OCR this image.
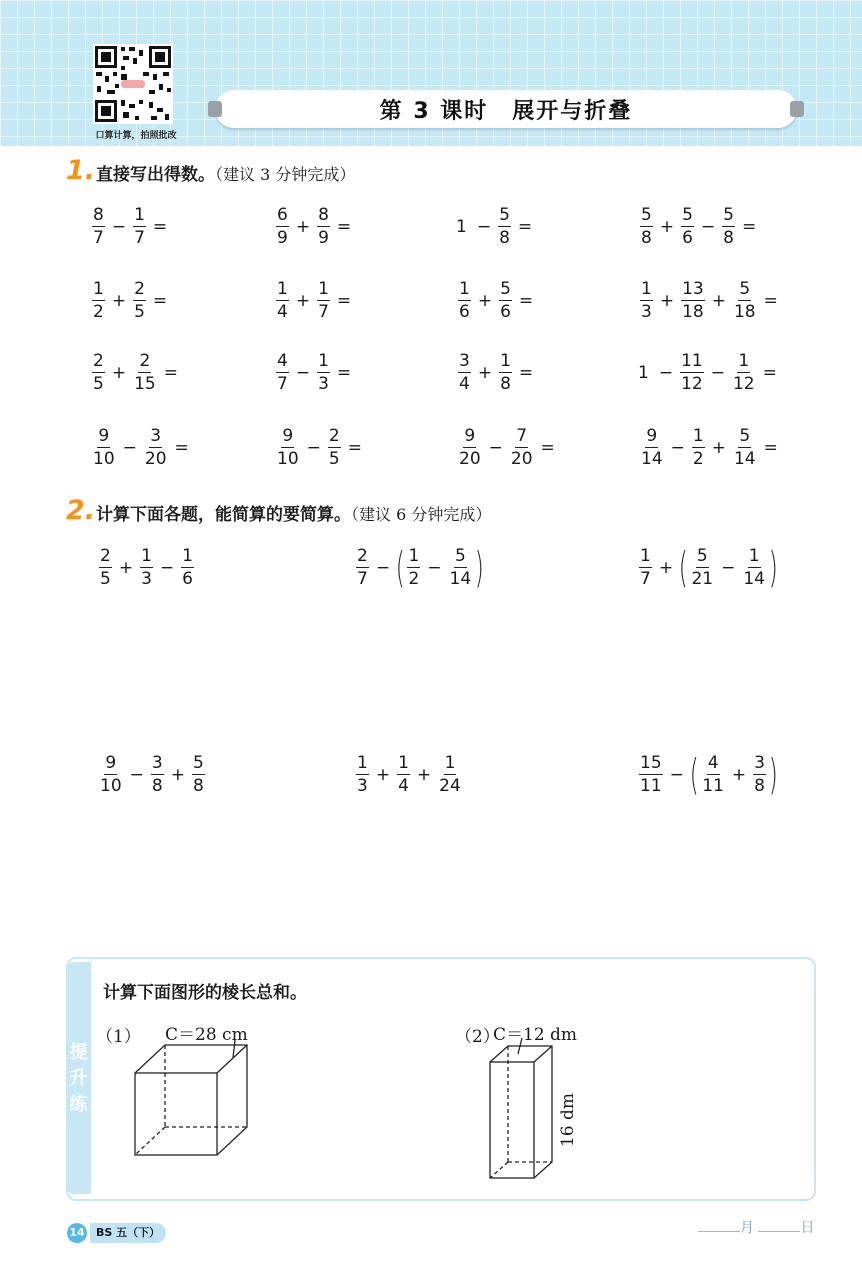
口算计算，拍照批改
第 3 课时　展开与折叠
1. 直接写出得数。（建议 3 分钟完成）
$\frac{8}{7} - \frac{1}{7}$ =	$\frac{6}{9} + \frac{8}{9}$ =	$1 - \frac{5}{8}$ =	$\frac{5}{8} + \frac{5}{6} - \frac{5}{8}$ =
$\frac{1}{2} + \frac{2}{5}$ =	$\frac{1}{4} + \frac{1}{7}$ =	$\frac{1}{6} + \frac{5}{6}$ =	$\frac{1}{3} + \frac{13}{18} + \frac{5}{18}$ =
$\frac{2}{5} + \frac{2}{15}$ =	$\frac{4}{7} - \frac{1}{3}$ =	$\frac{3}{4} + \frac{1}{8}$ =	$1 - \frac{11}{12} - \frac{1}{12}$ =
$\frac{9}{10} - \frac{3}{20}$ =	$\frac{9}{10} - \frac{2}{5}$ =	$\frac{9}{20} - \frac{7}{20}$ =	$\frac{9}{14} - \frac{1}{2} + \frac{5}{14}$ =
2. 计算下面各题，能简算的要简算。（建议 6 分钟完成）
$\frac{2}{5} + \frac{1}{3} - \frac{1}{6}$	$\frac{2}{7}$ − ( $\frac{1}{2} - \frac{5}{14}$ )	$\frac{1}{7}$ + ( $\frac{5}{21} - \frac{1}{14}$ )
$\frac{9}{10} - \frac{3}{8} + \frac{5}{8}$	$\frac{1}{3} + \frac{1}{4} + \frac{1}{24}$	$\frac{15}{11}$ − ( $\frac{4}{11} + \frac{3}{8}$ )
提
升
练
计算下面图形的棱长总和。
（1） C＝28 cm	（2）
C＝12 dm
16 dm
14	BS 五（下）	月	日
